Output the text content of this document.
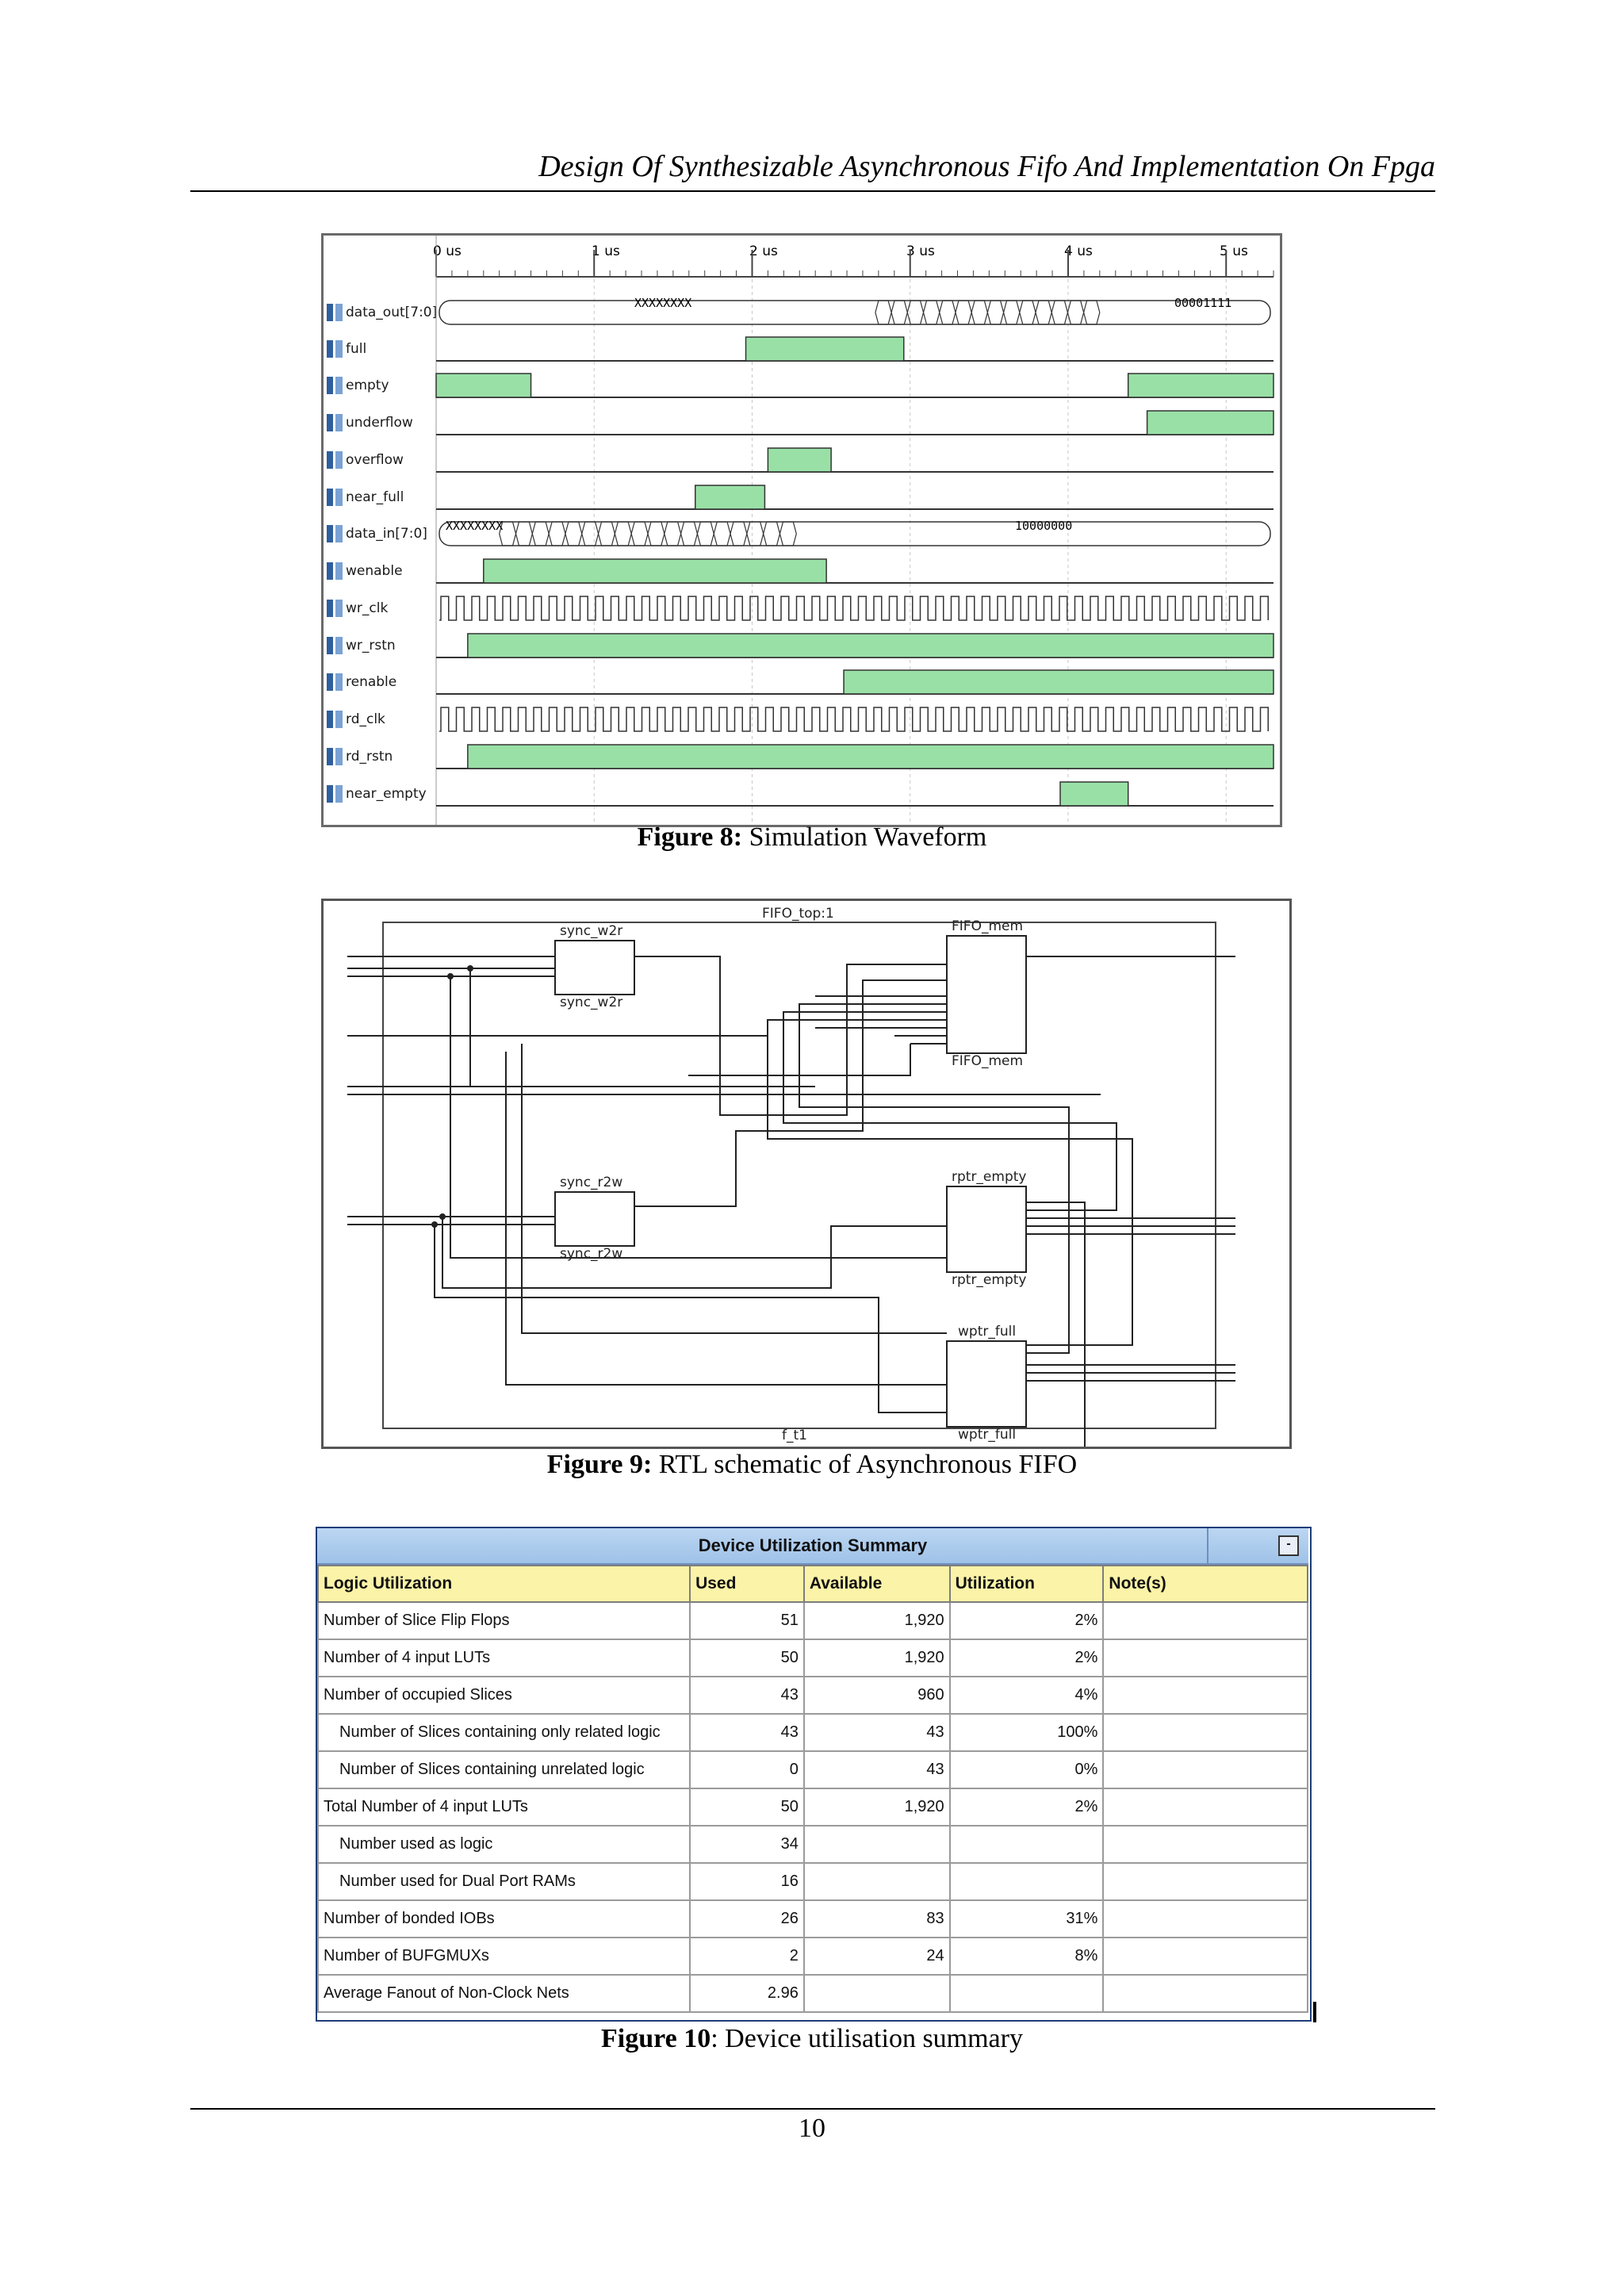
Design Of Synthesizable Asynchronous Fifo And Implementation On Fpga
data_out[7:0]
full
empty
underflow
overflow
near_full
data_in[7:0]
wenable
wr_clk
wr_rstn
renable
rd_clk
rd_rstn
near_empty
0 us	1 us	2 us	3 us	4 us	5 us
XXXXXXXX	00001111
XXXXXXXX	10000000
Figure 8: Simulation Waveform
FIFO_top:1
f_t1
sync_w2r
sync_w2r
FIFO_mem
FIFO_mem
sync_r2w
sync_r2w
rptr_empty
rptr_empty
wptr_full
wptr_full
Figure 9: RTL schematic of Asynchronous FIFO
Device Utilization Summary	-
Logic Utilization	Used	Available	Utilization	Note(s)
Number of Slice Flip Flops	51	1,920	2%	
Number of 4 input LUTs	50	1,920	2%	
Number of occupied Slices	43	960	4%	
Number of Slices containing only related logic	43	43	100%	
Number of Slices containing unrelated logic	0	43	0%	
Total Number of 4 input LUTs	50	1,920	2%	
Number used as logic	34			
Number used for Dual Port RAMs	16			
Number of bonded IOBs	26	83	31%	
Number of BUFGMUXs	2	24	8%	
Average Fanout of Non-Clock Nets	2.96			
Figure 10: Device utilisation summary
10
